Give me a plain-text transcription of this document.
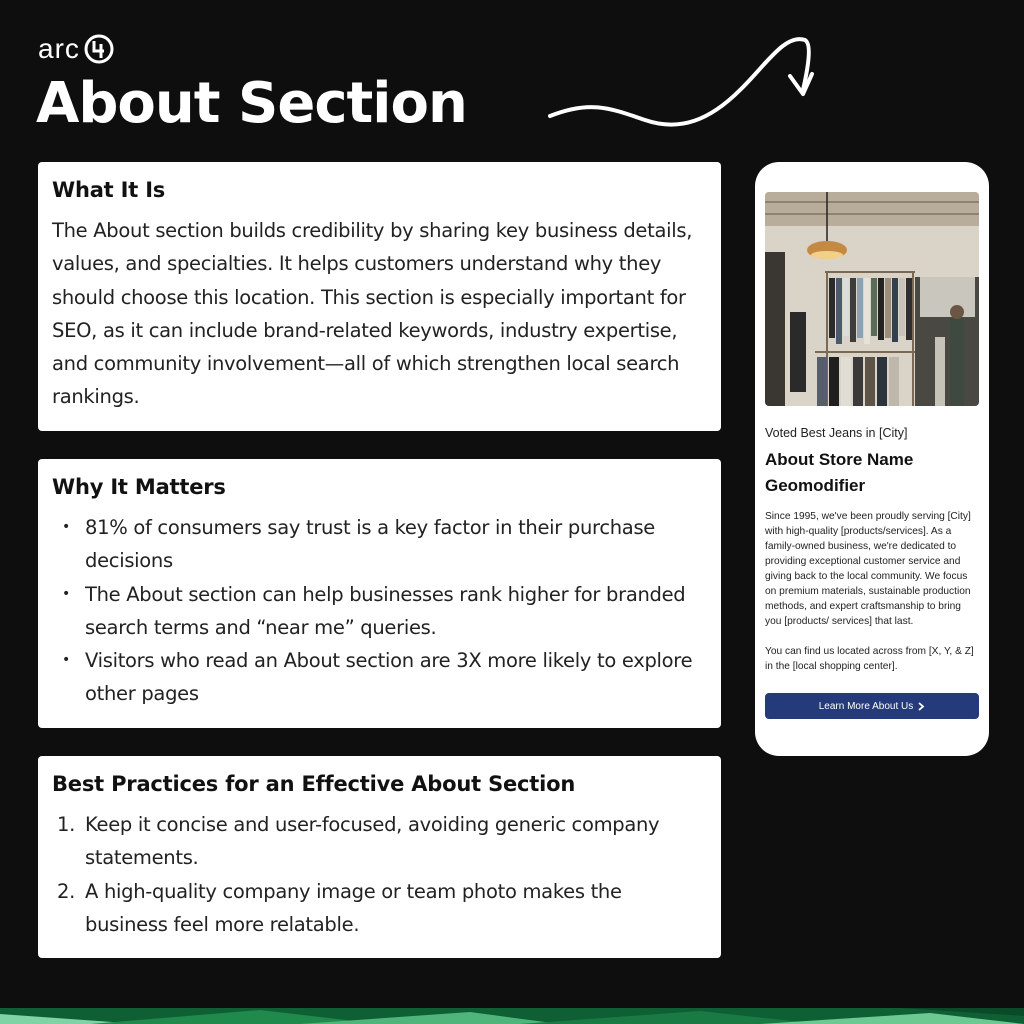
arc
About Section
What It Is

The About section builds credibility by sharing key business details, values, and specialties. It helps customers understand why they should choose this location. This section is especially important for SEO, as it can include brand-related keywords, industry expertise, and community involvement—all of which strengthen local search rankings.

Why It Matters
• 81% of consumers say trust is a key factor in their purchase decisions
• The About section can help businesses rank higher for branded search terms and “near me” queries.
• Visitors who read an About section are 3X more likely to explore other pages
Best Practices for an Effective About Section
1. Keep it concise and user-focused, avoiding generic company statements.
2. A high-quality company image or team photo makes the business feel more relatable.
Voted Best Jeans in [City]
About Store Name Geomodifier
Since 1995, we've been proudly serving [City] with high-quality [products/services]. As a family-owned business, we're dedicated to providing exceptional customer service and giving back to the local community. We focus on premium materials, sustainable production methods, and expert craftsmanship to bring you [products/ services] that last.
You can find us located across from [X, Y, & Z] in the [local shopping center].
Learn More About Us
